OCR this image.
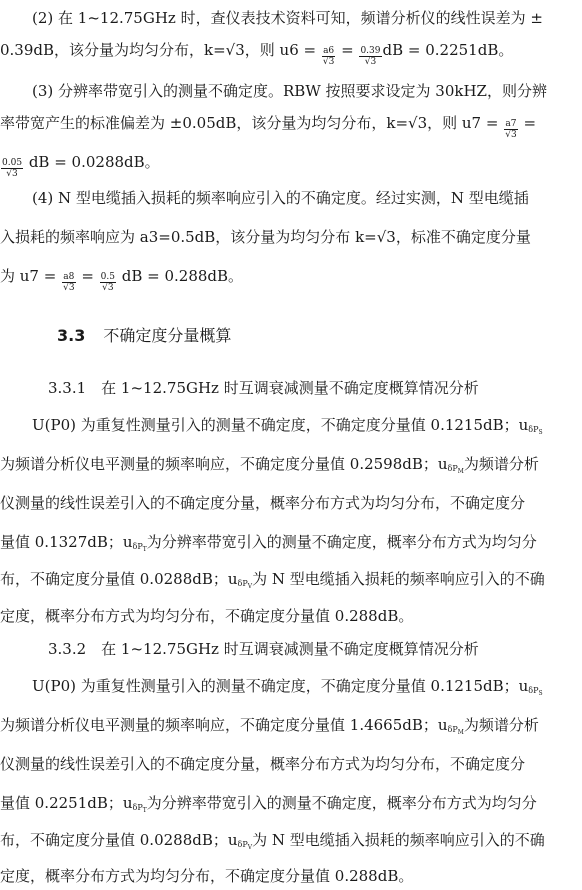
(2) 在 1~12.75GHz 时，查仪表技术资料可知，频谱分析仪的线性误差为 ±
0.39dB，该分量为均匀分布，k=√3，则 $u6 = \frac{a6}{√3} = \frac{0.39}{√3}$ dB = 0.2251dB。
(3) 分辨率带宽引入的测量不确定度。RBW 按照要求设定为 30kHZ，则分辨
率带宽产生的标准偏差为 ±0.05dB，该分量为均匀分布，k=√3，则 $u7 = \frac{a7}{√3}$ =
$\frac{0.05}{√3}$ dB = 0.0288dB。
(4) N 型电缆插入损耗的频率响应引入的不确定度。经过实测，N 型电缆插
入损耗的频率响应为 a3=0.5dB，该分量为均匀分布 k=√3，标准不确定度分量
为 $u7 = \frac{a8}{√3} = \frac{0.5}{√3}$ dB = 0.288dB。
3.3 不确定度分量概算
3.3.1　在 1~12.75GHz 时互调衰减测量不确定度概算情况分析
U(P0) 为重复性测量引入的测量不确定度，不确定度分量值 0.1215dB；$u_{\delta P_S}$
为频谱分析仪电平测量的频率响应，不确定度分量值 0.2598dB；$u_{\delta P_M}$为频谱分析
仪测量的线性误差引入的不确定度分量，概率分布方式为均匀分布，不确定度分
量值 0.1327dB；$u_{\delta P_T}$为分辨率带宽引入的测量不确定度，概率分布方式为均匀分
布，不确定度分量值 0.0288dB；$u_{\delta P_V}$为 N 型电缆插入损耗的频率响应引入的不确
定度，概率分布方式为均匀分布，不确定度分量值 0.288dB。
3.3.2　在 1~12.75GHz 时互调衰减测量不确定度概算情况分析
U(P0) 为重复性测量引入的测量不确定度，不确定度分量值 0.1215dB；$u_{\delta P_S}$
为频谱分析仪电平测量的频率响应，不确定度分量值 1.4665dB；$u_{\delta P_M}$为频谱分析
仪测量的线性误差引入的不确定度分量，概率分布方式为均匀分布，不确定度分
量值 0.2251dB；$u_{\delta P_T}$为分辨率带宽引入的测量不确定度，概率分布方式为均匀分
布，不确定度分量值 0.0288dB；$u_{\delta P_V}$为 N 型电缆插入损耗的频率响应引入的不确
定度，概率分布方式为均匀分布，不确定度分量值 0.288dB。
